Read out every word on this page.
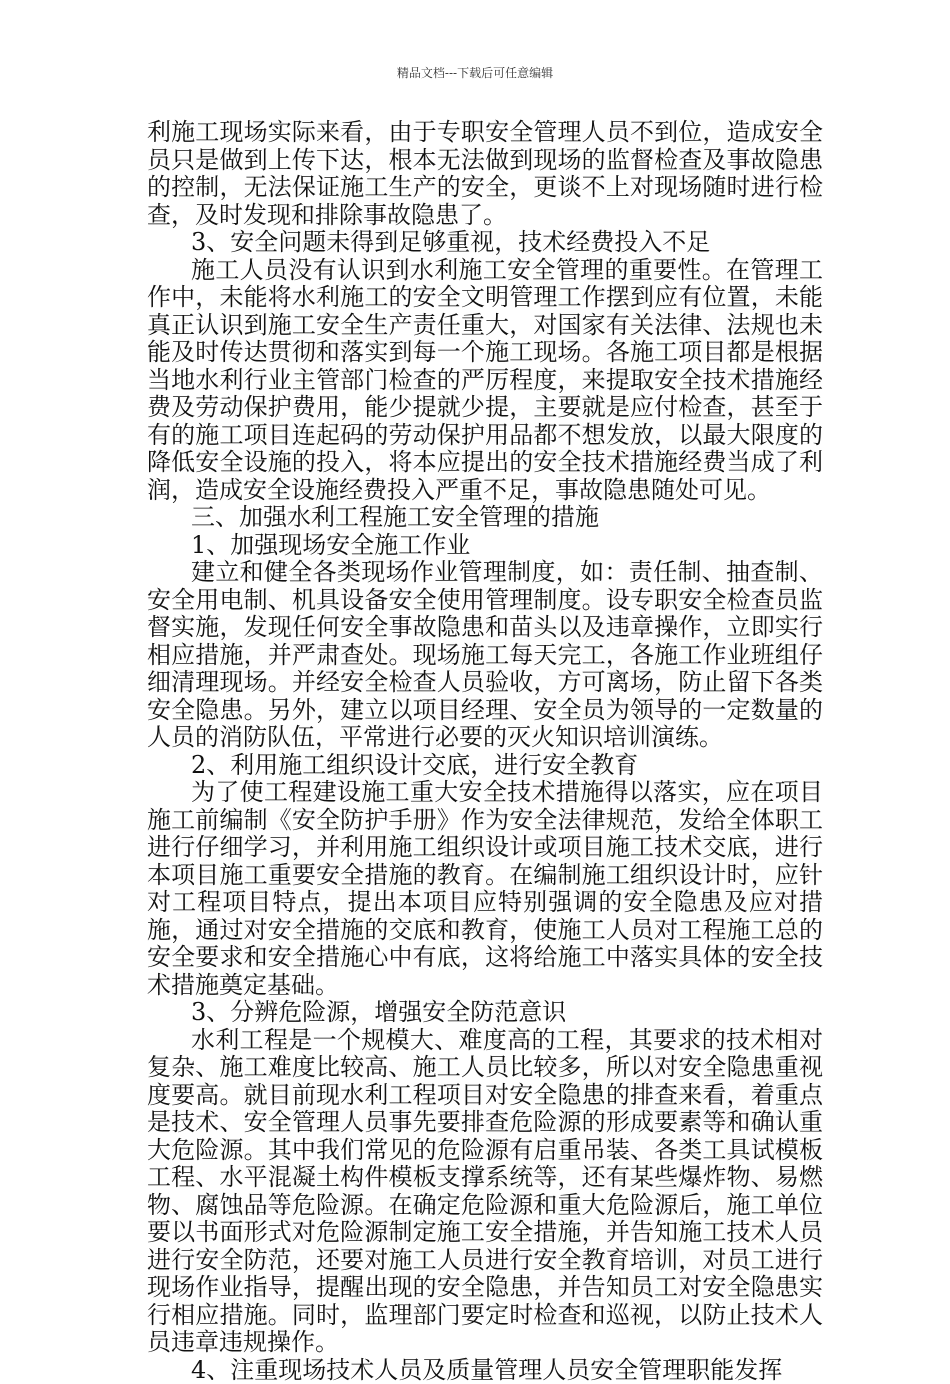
精品文档---下载后可任意编辑

利施工现场实际来看，由于专职安全管理人员不到位，造成安全员只是做到上传下达，根本无法做到现场的监督检查及事故隐患的控制，无法保证施工生产的安全，更谈不上对现场随时进行检查，及时发现和排除事故隐患了。

3、安全问题未得到足够重视，技术经费投入不足

施工人员没有认识到水利施工安全管理的重要性。在管理工作中，未能将水利施工的安全文明管理工作摆到应有位置，未能真正认识到施工安全生产责任重大，对国家有关法律、法规也未能及时传达贯彻和落实到每一个施工现场。各施工项目都是根据当地水利行业主管部门检查的严厉程度，来提取安全技术措施经费及劳动保护费用，能少提就少提，主要就是应付检查，甚至于有的施工项目连起码的劳动保护用品都不想发放，以最大限度的降低安全设施的投入，将本应提出的安全技术措施经费当成了利润，造成安全设施经费投入严重不足，事故隐患随处可见。

三、加强水利工程施工安全管理的措施

1、加强现场安全施工作业

建立和健全各类现场作业管理制度，如：责任制、抽查制、安全用电制、机具设备安全使用管理制度。设专职安全检查员监督实施，发现任何安全事故隐患和苗头以及违章操作，立即实行相应措施，并严肃查处。现场施工每天完工，各施工作业班组仔细清理现场。并经安全检查人员验收，方可离场，防止留下各类安全隐患。另外，建立以项目经理、安全员为领导的一定数量的人员的消防队伍，平常进行必要的灭火知识培训演练。

2、利用施工组织设计交底，进行安全教育

为了使工程建设施工重大安全技术措施得以落实，应在项目施工前编制《安全防护手册》作为安全法律规范，发给全体职工进行仔细学习，并利用施工组织设计或项目施工技术交底，进行本项目施工重要安全措施的教育。在编制施工组织设计时，应针对工程项目特点，提出本项目应特别强调的安全隐患及应对措施，通过对安全措施的交底和教育，使施工人员对工程施工总的安全要求和安全措施心中有底，这将给施工中落实具体的安全技术措施奠定基础。

3、分辨危险源，增强安全防范意识

水利工程是一个规模大、难度高的工程，其要求的技术相对复杂、施工难度比较高、施工人员比较多，所以对安全隐患重视度要高。就目前现水利工程项目对安全隐患的排查来看，着重点是技术、安全管理人员事先要排查危险源的形成要素等和确认重大危险源。其中我们常见的危险源有启重吊装、各类工具试模板工程、水平混凝土构件模板支撑系统等，还有某些爆炸物、易燃物、腐蚀品等危险源。在确定危险源和重大危险源后，施工单位要以书面形式对危险源制定施工安全措施，并告知施工技术人员进行安全防范，还要对施工人员进行安全教育培训，对员工进行现场作业指导，提醒出现的安全隐患，并告知员工对安全隐患实行相应措施。同时，监理部门要定时检查和巡视，以防止技术人员违章违规操作。

4、注重现场技术人员及质量管理人员安全管理职能发挥
